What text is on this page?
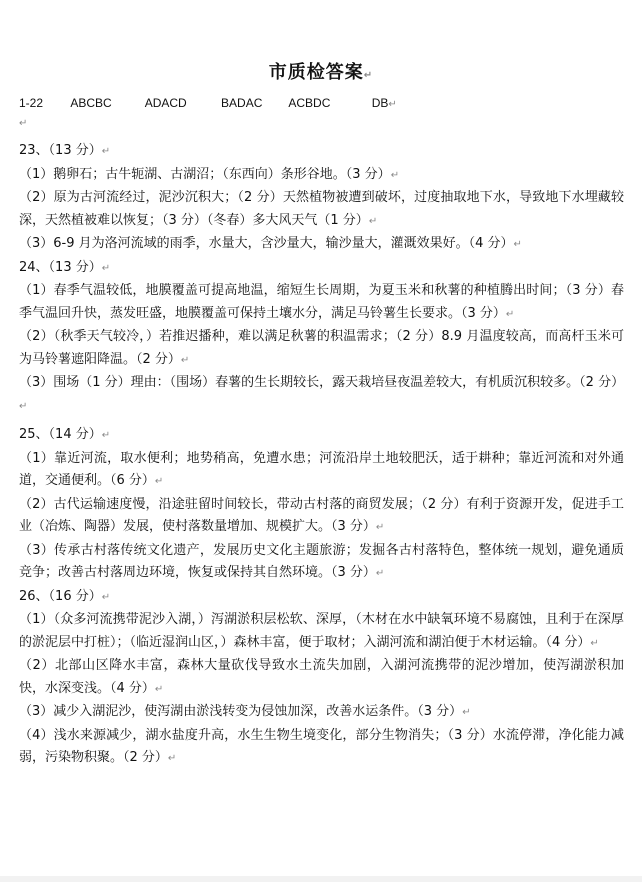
市质检答案↵
1-22 ABCBC	ADACD	BADAC ACBDC	DB↵
↵
23、（13 分）↵

（1）鹅卵石；古牛轭湖、古湖沼；（东西向）条形谷地。（3 分）↵

（2）原为古河流经过，泥沙沉积大；（2 分）天然植物被遭到破坏，过度抽取地下水，导致地下水埋藏较深，天然植被难以恢复；（3 分）（冬春）多大风天气（1 分）↵

（3）6-9 月为洛河流域的雨季，水量大，含沙量大，输沙量大，灌溉效果好。（4 分）↵

24、（13 分）↵

（1）春季气温较低，地膜覆盖可提高地温，缩短生长周期，为夏玉米和秋薯的种植腾出时间；（3 分）春季气温回升快，蒸发旺盛，地膜覆盖可保持土壤水分，满足马铃薯生长要求。（3 分）↵

（2）（秋季天气较冷，）若推迟播种，难以满足秋薯的积温需求；（2 分）8.9 月温度较高，而高杆玉米可为马铃薯遮阳降温。（2 分）↵

（3）围场（1 分）理由：（围场）春薯的生长期较长，露天栽培昼夜温差较大，有机质沉积较多。（2 分）↵

25、（14 分）↵

（1）靠近河流，取水便利；地势稍高，免遭水患；河流沿岸土地较肥沃，适于耕种；靠近河流和对外通道，交通便利。（6 分）↵

（2）古代运输速度慢，沿途驻留时间较长，带动古村落的商贸发展；（2 分）有利于资源开发，促进手工业（冶炼、陶器）发展，使村落数量增加、规模扩大。（3 分）↵

（3）传承古村落传统文化遗产，发展历史文化主题旅游；发掘各古村落特色，整体统一规划，避免通质竞争；改善古村落周边环境，恢复或保持其自然环境。（3 分）↵

26、（16 分）↵

（1）（众多河流携带泥沙入湖，）泻湖淤积层松软、深厚，（木材在水中缺氧环境不易腐蚀，且利于在深厚的淤泥层中打桩）；（临近湿润山区，）森林丰富，便于取材；入湖河流和湖泊便于木材运输。（4 分）↵

（2）北部山区降水丰富，森林大量砍伐导致水土流失加剧，入湖河流携带的泥沙增加，使泻湖淤积加快，水深变浅。（4 分）↵

（3）减少入湖泥沙，使泻湖由淤浅转变为侵蚀加深，改善水运条件。（3 分）↵

（4）浅水来源减少，湖水盐度升高，水生生物生境变化，部分生物消失；（3 分）水流停滞，净化能力减弱，污染物积聚。（2 分）↵
